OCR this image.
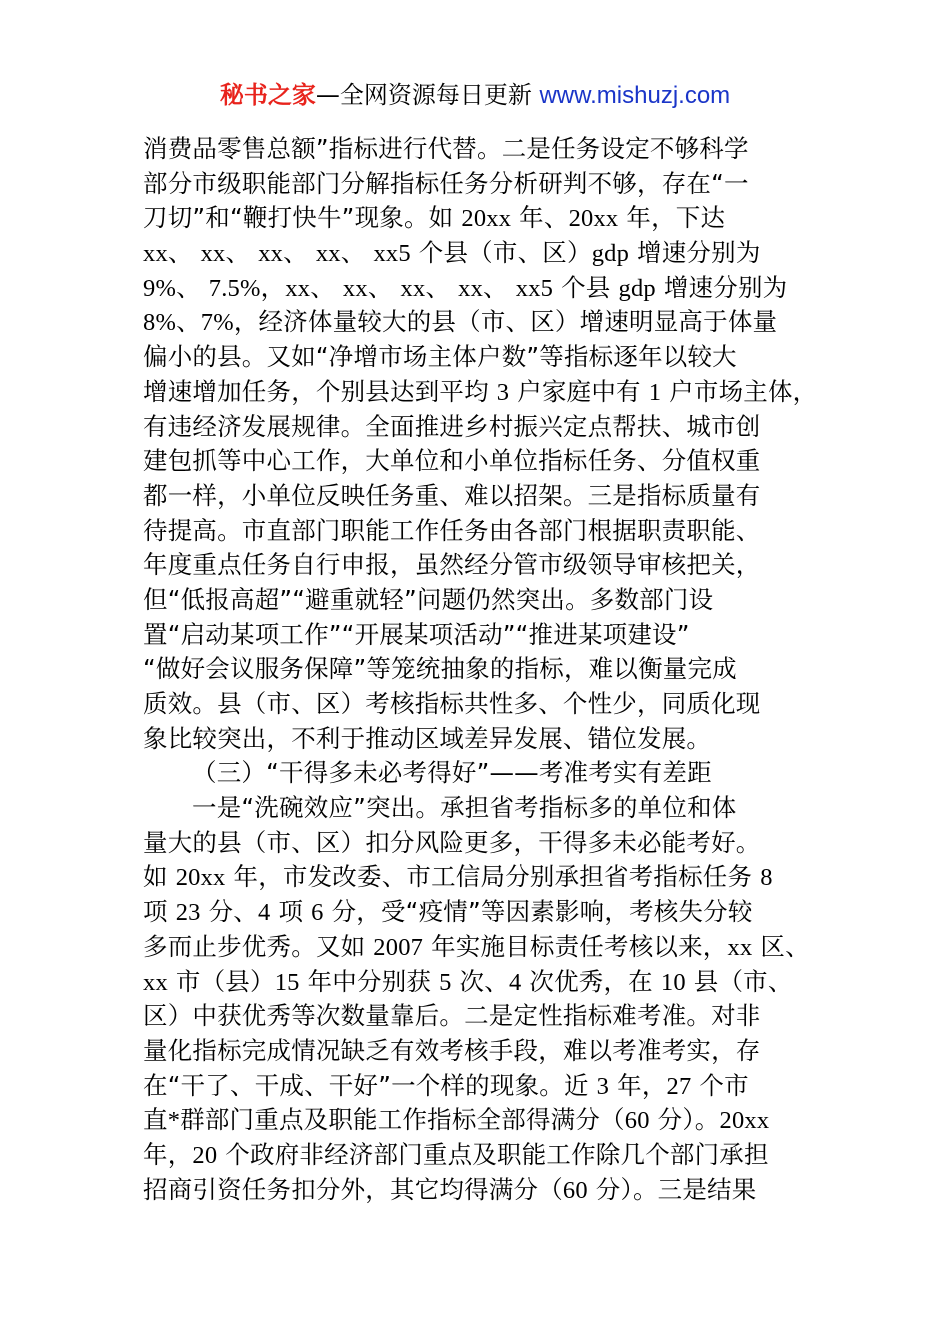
秘书之家—全网资源每日更新 www.mishuzj.com
消费品零售总额”指标进行代替。二是任务设定不够科学
部分市级职能部门分解指标任务分析研判不够，存在“一
刀切”和“鞭打快牛”现象。如 20xx 年、20xx 年，下达
xx、 xx、 xx、 xx、 xx5 个县（市、区）gdp 增速分别为
9%、 7.5%，xx、 xx、 xx、 xx、 xx5 个县 gdp 增速分别为
8%、7%，经济体量较大的县（市、区）增速明显高于体量
偏小的县。又如“净增市场主体户数”等指标逐年以较大
增速增加任务，个别县达到平均 3 户家庭中有 1 户市场主体，
有违经济发展规律。全面推进乡村振兴定点帮扶、城市创
建包抓等中心工作，大单位和小单位指标任务、分值权重
都一样，小单位反映任务重、难以招架。三是指标质量有
待提高。市直部门职能工作任务由各部门根据职责职能、
年度重点任务自行申报，虽然经分管市级领导审核把关，
但“低报高超”“避重就轻”问题仍然突出。多数部门设
置“启动某项工作”“开展某项活动”“推进某项建设”
“做好会议服务保障”等笼统抽象的指标，难以衡量完成
质效。县（市、区）考核指标共性多、个性少，同质化现
象比较突出，不利于推动区域差异发展、错位发展。
（三）“干得多未必考得好”——考准考实有差距
一是“洗碗效应”突出。承担省考指标多的单位和体
量大的县（市、区）扣分风险更多，干得多未必能考好。
如 20xx 年，市发改委、市工信局分别承担省考指标任务 8
项 23 分、4 项 6 分，受“疫情”等因素影响，考核失分较
多而止步优秀。又如 2007 年实施目标责任考核以来，xx 区、
xx 市（县）15 年中分别获 5 次、4 次优秀，在 10 县（市、
区）中获优秀等次数量靠后。二是定性指标难考准。对非
量化指标完成情况缺乏有效考核手段，难以考准考实，存
在“干了、干成、干好”一个样的现象。近 3 年，27 个市
直*群部门重点及职能工作指标全部得满分（60 分）。20xx
年，20 个政府非经济部门重点及职能工作除几个部门承担
招商引资任务扣分外，其它均得满分（60 分）。三是结果
